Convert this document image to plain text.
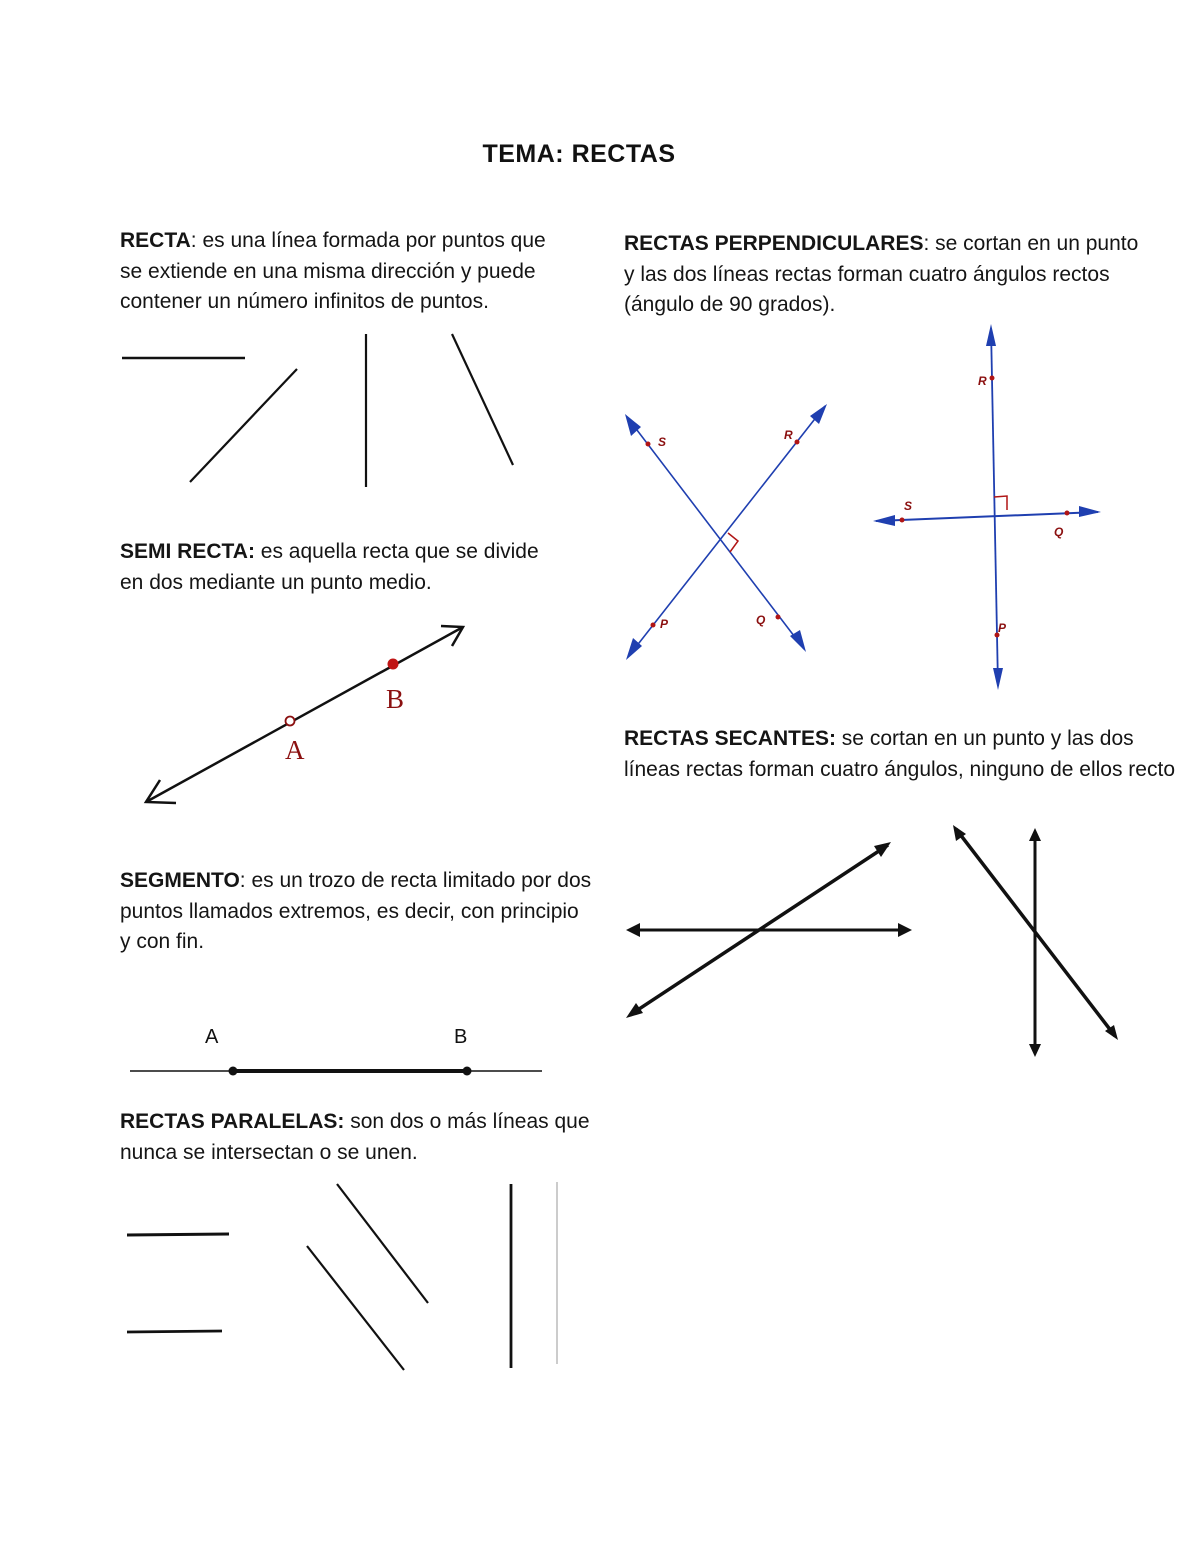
TEMA: RECTAS
RECTA: es una línea formada por puntos que
se extiende en una misma dirección y puede
contener un número infinitos de puntos.
SEMI RECTA: es aquella recta que se divide
en dos mediante un punto medio.
A
B
SEGMENTO: es un trozo de recta limitado por dos
puntos llamados extremos, es decir, con principio
y con fin.
A	B
RECTAS PARALELAS: son dos o más líneas que
nunca se intersectan o se unen.
RECTAS PERPENDICULARES: se cortan en un punto
y las dos líneas rectas forman cuatro ángulos rectos
(ángulo de 90 grados).
S	R
P	Q
R
S
Q
P
RECTAS SECANTES: se cortan en un punto y las dos
líneas rectas forman cuatro ángulos, ninguno de ellos recto
